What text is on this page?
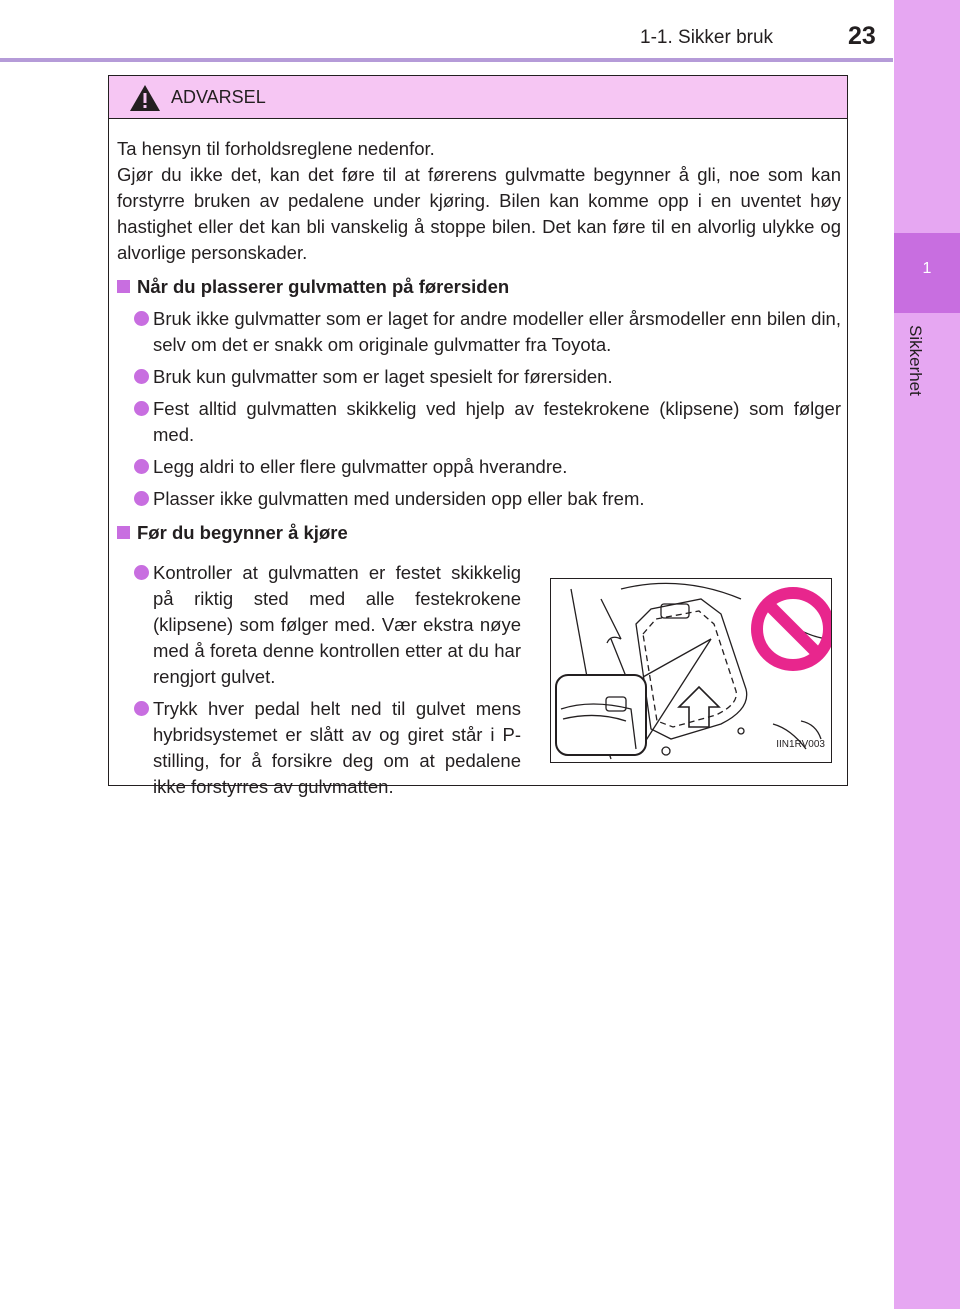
1-1. Sikker bruk	23
1
Sikkerhet
ADVARSEL

Ta hensyn til forholdsreglene nedenfor.

Gjør du ikke det, kan det føre til at førerens gulvmatte begynner å gli, noe som kan forstyrre bruken av pedalene under kjøring. Bilen kan komme opp i en uventet høy hastighet eller det kan bli vanskelig å stoppe bilen. Det kan føre til en alvorlig ulykke og alvorlige personskader.

Når du plasserer gulvmatten på førersiden
Bruk ikke gulvmatter som er laget for andre modeller eller årsmodeller enn bilen din, selv om det er snakk om originale gulvmatter fra Toyota.
Bruk kun gulvmatter som er laget spesielt for førersiden.
Fest alltid gulvmatten skikkelig ved hjelp av festekrokene (klipsene) som følger med.
Legg aldri to eller flere gulvmatter oppå hverandre.
Plasser ikke gulvmatten med undersiden opp eller bak frem.
Før du begynner å kjøre
Kontroller at gulvmatten er festet skikkelig på riktig sted med alle festekrokene (klipsene) som følger med. Vær ekstra nøye med å foreta denne kontrollen etter at du har rengjort gulvet.
Trykk hver pedal helt ned til gulvet mens hybridsystemet er slått av og giret står i P-stilling, for å forsikre deg om at pedalene ikke forstyrres av gulvmatten.
IIN1RV003
